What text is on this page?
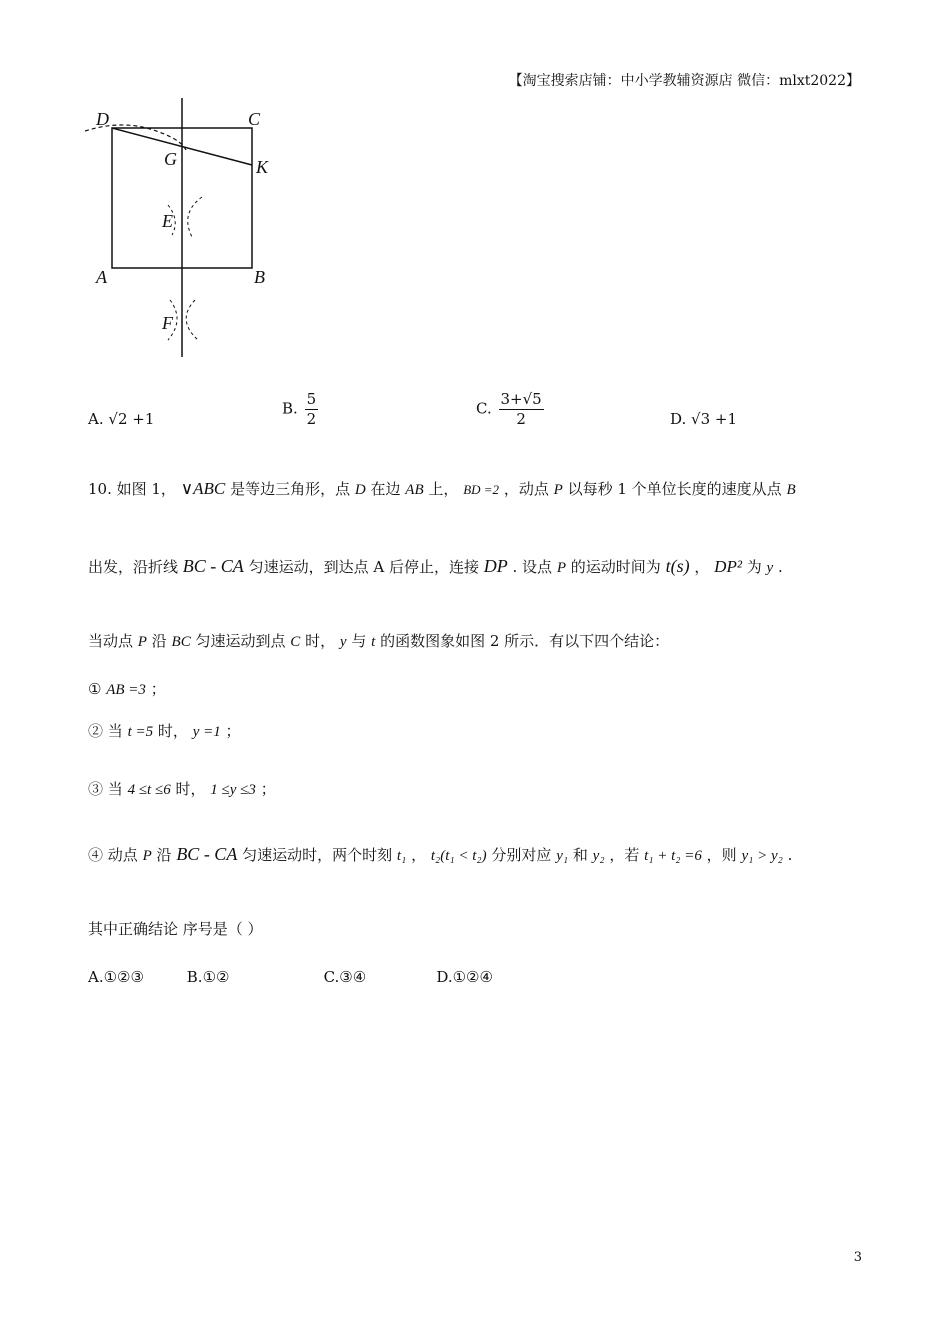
【淘宝搜索店铺：中小学教辅资源店 微信：mlxt2022】
D	C
G	K
E
A	B
F
A. √2 +1
B. $\frac{5}{2}$	C. $\frac{3+√5}{2}$	D. √3 +1
10. 如图 1， ∨ABC 是等边三角形，点 D 在边 AB 上， BD =2 ，动点 P 以每秒 1 个单位长度的速度从点 B
出发，沿折线 BC - CA 匀速运动，到达点 A 后停止，连接 DP . 设点 P 的运动时间为 t(s) ， DP² 为 y .
当动点 P 沿 BC 匀速运动到点 C 时， y 与 t 的函数图象如图 2 所示．有以下四个结论：
① AB =3 ；
② 当 t =5 时， y =1 ；
③ 当 4 ≤t ≤6 时， 1 ≤y ≤3 ；
④ 动点 P 沿 BC - CA 匀速运动时，两个时刻 t₁ ， t₂(t₁ < t₂) 分别对应 y₁ 和 y₂ ，若 t₁ + t₂ =6 ，则 y₁ > y₂ .
其中正确结论 序号是（ ）
A.①②③	B.①②	C.③④	D.①②④
3
